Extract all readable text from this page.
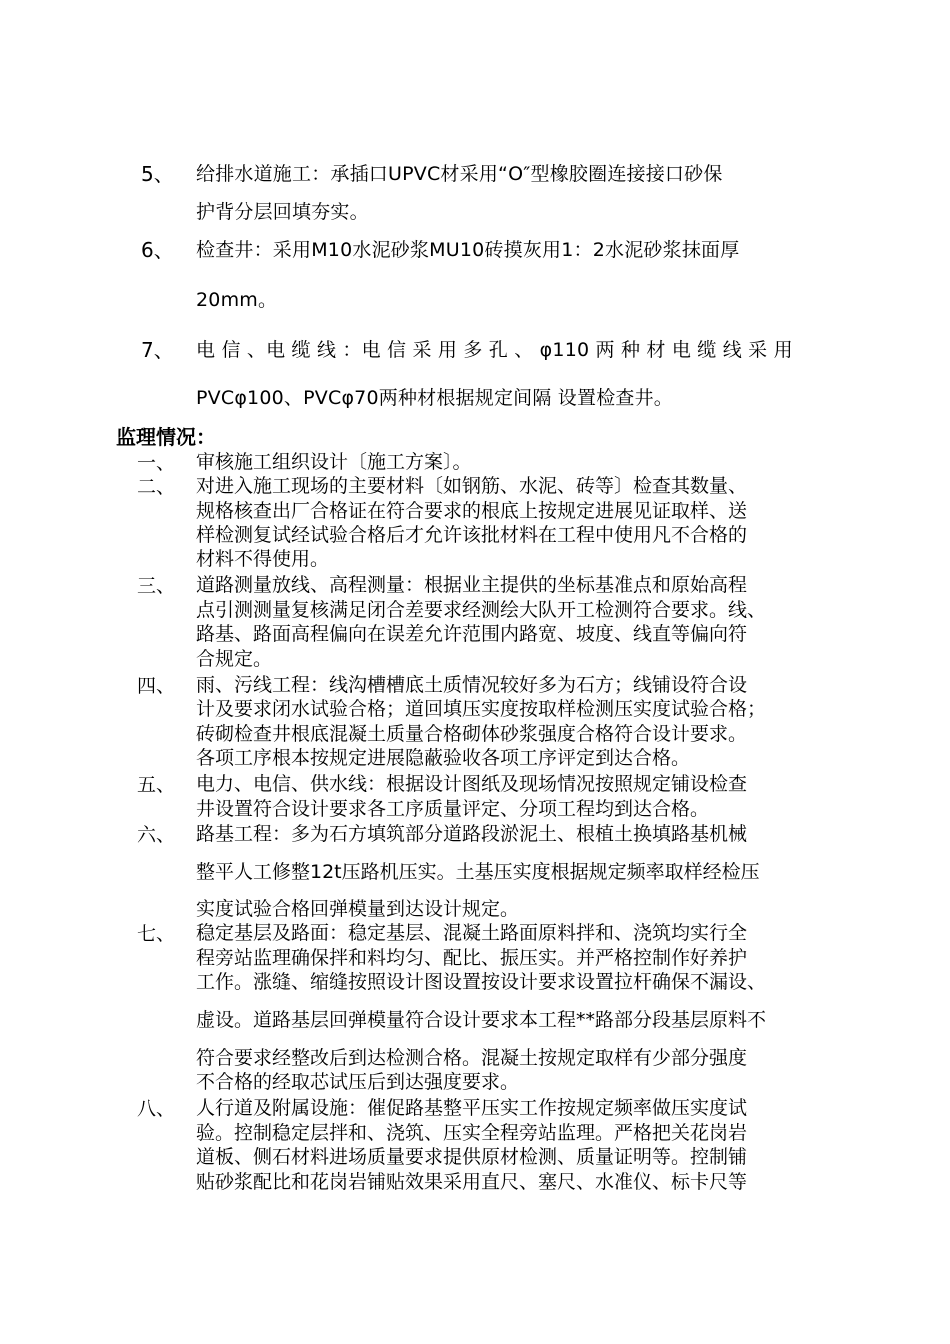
5、 给排水道施工：承插口UPVC材采用“O″型橡胶圈连接接口砂保
护背分层回填夯实。
6、 检查井：采用M10水泥砂浆MU10砖摸灰用1：2水泥砂浆抹面厚
20mm。
7、 电 信 、电 缆 线 ：电 信 采 用 多 孔 、 φ110 两 种 材 电 缆 线 采 用
PVCφ100、PVCφ70两种材根据规定间隔 设置检查井。
监理情况：
一、 审核施工组织设计〔施工方案〕。
二、 对进入施工现场的主要材料〔如钢筋、水泥、砖等〕检查其数量、
规格核查出厂合格证在符合要求的根底上按规定进展见证取样、送
样检测复试经试验合格后才允许该批材料在工程中使用凡不合格的
材料不得使用。
三、 道路测量放线、高程测量：根据业主提供的坐标基准点和原始高程
点引测测量复核满足闭合差要求经测绘大队开工检测符合要求。线、
路基、路面高程偏向在误差允许范围内路宽、坡度、线直等偏向符
合规定。
四、 雨、污线工程：线沟槽槽底土质情况较好多为石方；线铺设符合设
计及要求闭水试验合格；道回填压实度按取样检测压实度试验合格；
砖砌检查井根底混凝土质量合格砌体砂浆强度合格符合设计要求。
各项工序根本按规定进展隐蔽验收各项工序评定到达合格。
五、 电力、电信、供水线：根据设计图纸及现场情况按照规定铺设检查
井设置符合设计要求各工序质量评定、分项工程均到达合格。
六、 路基工程：多为石方填筑部分道路段淤泥土、根植土换填路基机械
整平人工修整12t压路机压实。土基压实度根据规定频率取样经检压
实度试验合格回弹模量到达设计规定。
七、 稳定基层及路面：稳定基层、混凝土路面原料拌和、浇筑均实行全
程旁站监理确保拌和料均匀、配比、振压实。并严格控制作好养护
工作。涨缝、缩缝按照设计图设置按设计要求设置拉杆确保不漏设、
虚设。道路基层回弹模量符合设计要求本工程**路部分段基层原料不
符合要求经整改后到达检测合格。混凝土按规定取样有少部分强度
不合格的经取芯试压后到达强度要求。
八、 人行道及附属设施：催促路基整平压实工作按规定频率做压实度试
验。控制稳定层拌和、浇筑、压实全程旁站监理。严格把关花岗岩
道板、侧石材料进场质量要求提供原材检测、质量证明等。控制铺
贴砂浆配比和花岗岩铺贴效果采用直尺、塞尺、水准仪、标卡尺等
